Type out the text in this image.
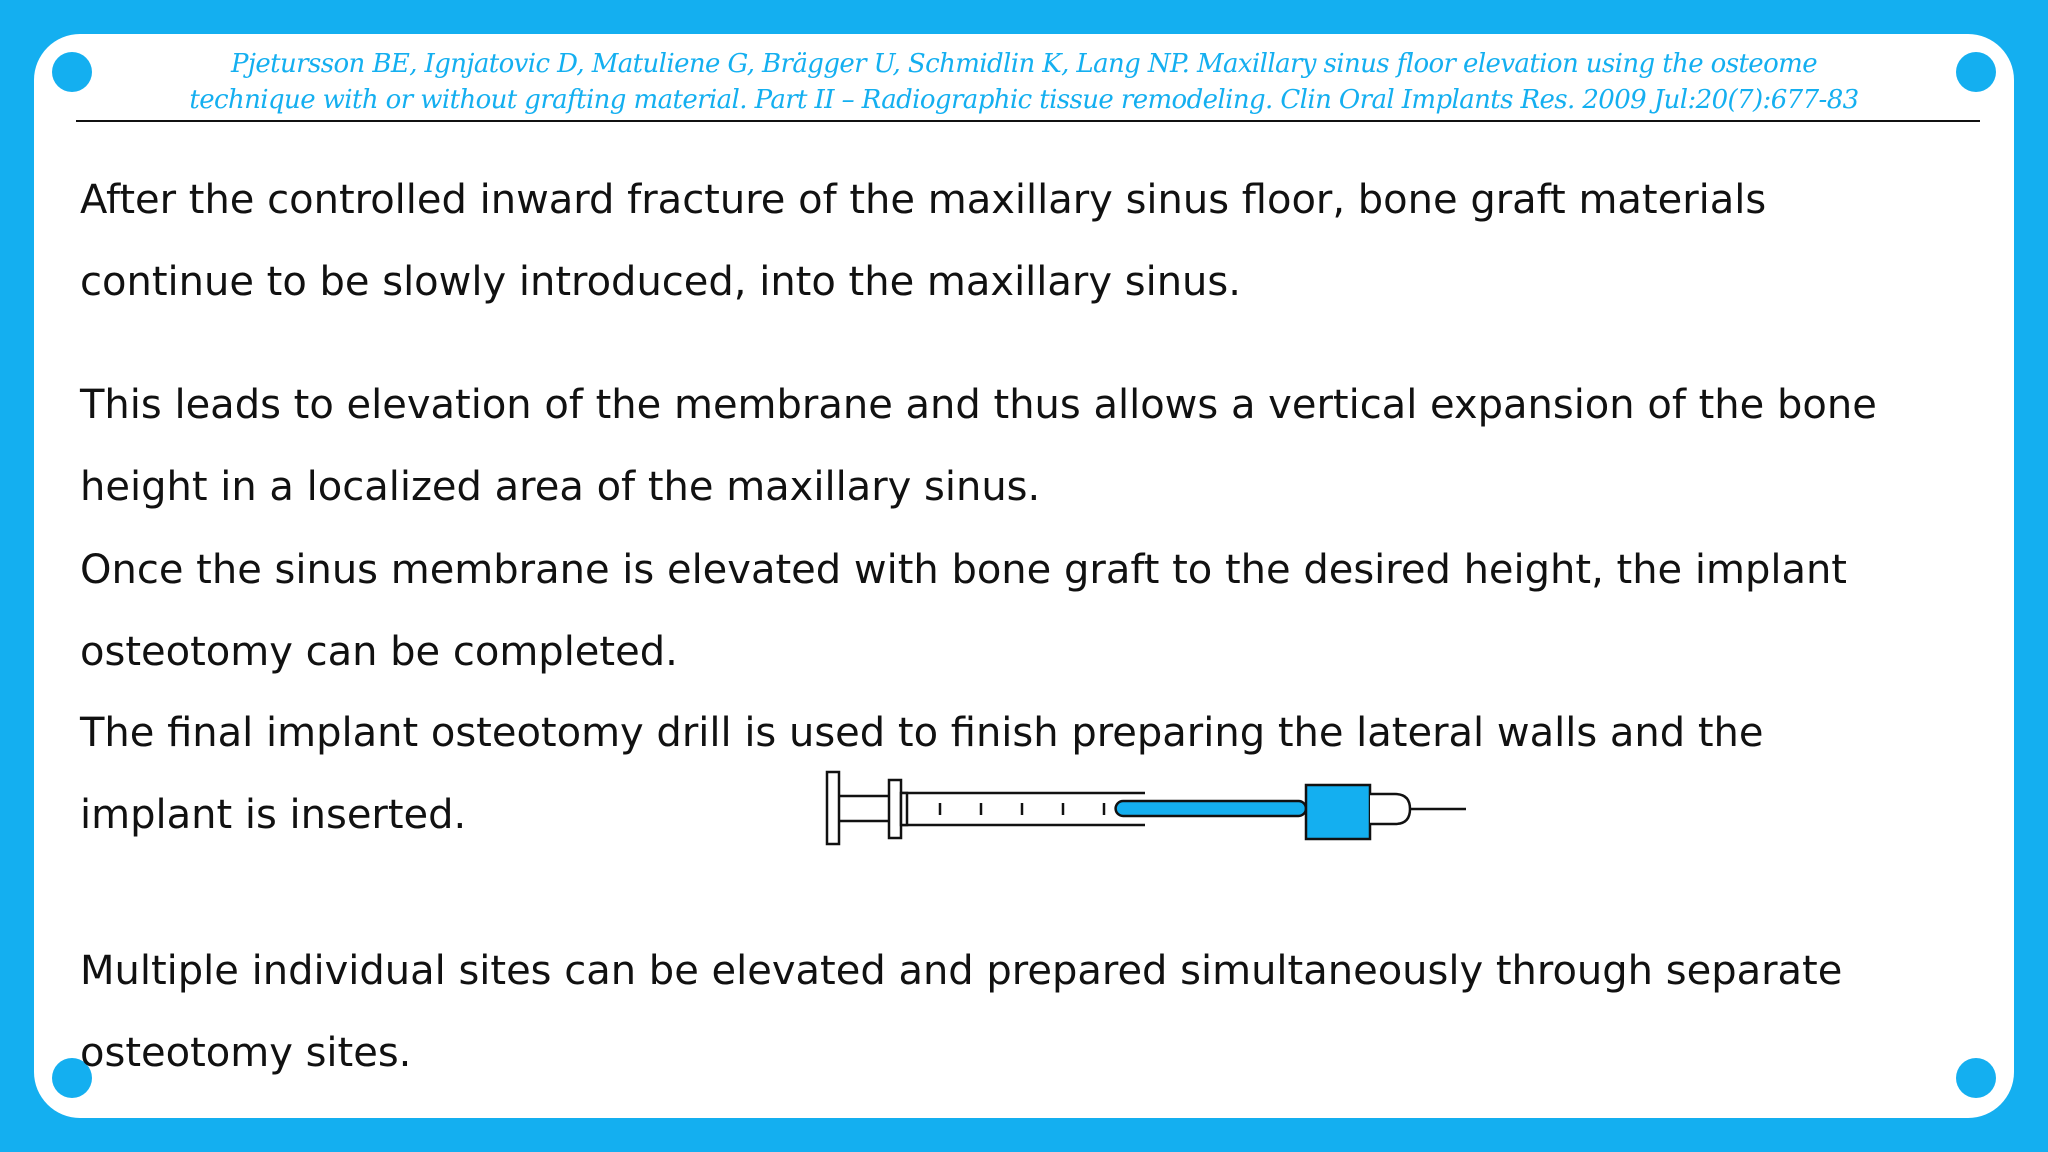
Pjetursson BE, Ignjatovic D, Matuliene G, Brägger U, Schmidlin K, Lang NP. Maxillary sinus floor elevation using the osteome
technique with or without grafting material. Part II – Radiographic tissue remodeling. Clin Oral Implants Res. 2009 Jul:20(7):677-83

After the controlled inward fracture of the maxillary sinus floor, bone graft materials
continue to be slowly introduced, into the maxillary sinus.

This leads to elevation of the membrane and thus allows a vertical expansion of the bone
height in a localized area of the maxillary sinus.

Once the sinus membrane is elevated with bone graft to the desired height, the implant
osteotomy can be completed.

The final implant osteotomy drill is used to finish preparing the lateral walls and the
implant is inserted.

Multiple individual sites can be elevated and prepared simultaneously through separate
osteotomy sites.
